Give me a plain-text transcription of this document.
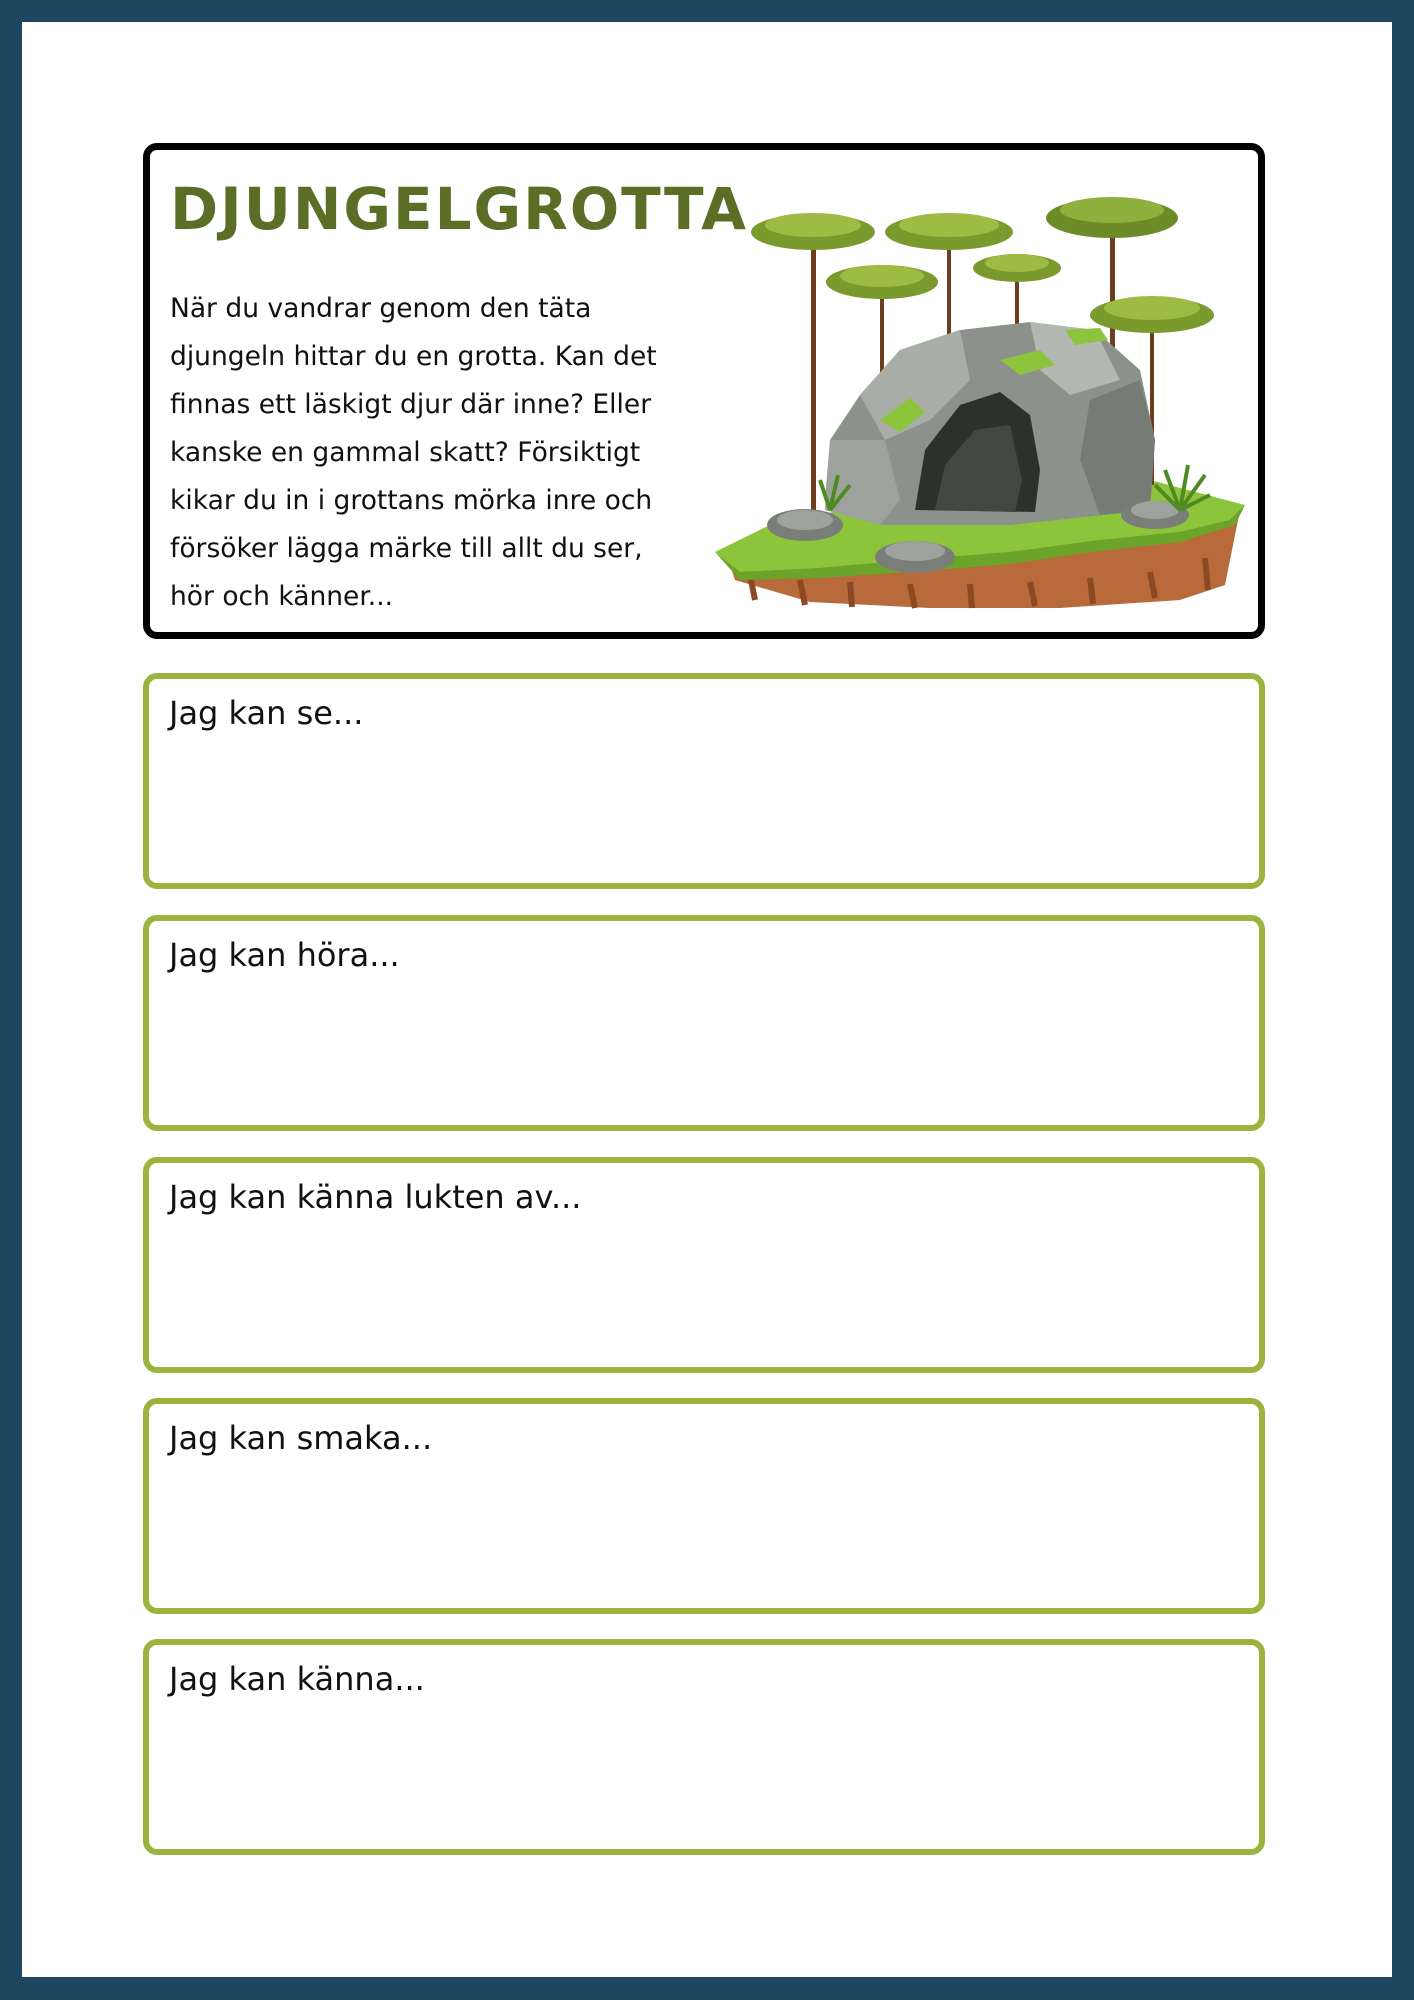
DJUNGELGROTTA

När du vandrar genom den täta djungeln hittar du en grotta. Kan det finnas ett läskigt djur där inne? Eller kanske en gammal skatt? Försiktigt kikar du in i grottans mörka inre och försöker lägga märke till allt du ser, hör och känner...

Jag kan se...

Jag kan höra...

Jag kan känna lukten av...

Jag kan smaka...

Jag kan känna...
